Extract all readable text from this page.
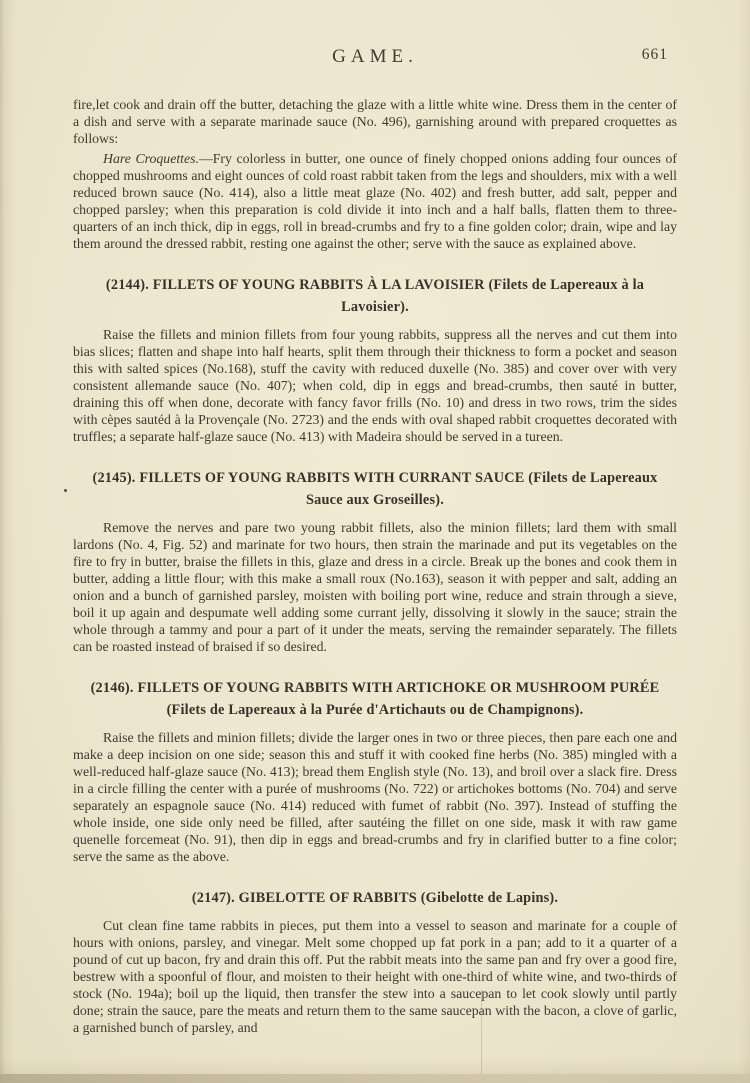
GAME.	661

fire,let cook and drain off the butter, detaching the glaze with a little white wine. Dress them in the center of a dish and serve with a separate marinade sauce (No. 496), garnishing around with prepared croquettes as follows:

Hare Croquettes.—Fry colorless in butter, one ounce of finely chopped onions adding four ounces of chopped mushrooms and eight ounces of cold roast rabbit taken from the legs and shoulders, mix with a well reduced brown sauce (No. 414), also a little meat glaze (No. 402) and fresh butter, add salt, pepper and chopped parsley; when this preparation is cold divide it into inch and a half balls, flatten them to three-quarters of an inch thick, dip in eggs, roll in bread-crumbs and fry to a fine golden color; drain, wipe and lay them around the dressed rabbit, resting one against the other; serve with the sauce as explained above.

(2144). FILLETS OF YOUNG RABBITS À LA LAVOISIER (Filets de Lapereaux à la Lavoisier).

Raise the fillets and minion fillets from four young rabbits, suppress all the nerves and cut them into bias slices; flatten and shape into half hearts, split them through their thickness to form a pocket and season this with salted spices (No.168), stuff the cavity with reduced duxelle (No. 385) and cover over with very consistent allemande sauce (No. 407); when cold, dip in eggs and bread-crumbs, then sauté in butter, draining this off when done, decorate with fancy favor frills (No. 10) and dress in two rows, trim the sides with cèpes sautéd à la Provençale (No. 2723) and the ends with oval shaped rabbit croquettes decorated with truffles; a separate half-glaze sauce (No. 413) with Madeira should be served in a tureen.

(2145). FILLETS OF YOUNG RABBITS WITH CURRANT SAUCE (Filets de Lapereaux Sauce aux Groseilles).

Remove the nerves and pare two young rabbit fillets, also the minion fillets; lard them with small lardons (No. 4, Fig. 52) and marinate for two hours, then strain the marinade and put its vegetables on the fire to fry in butter, braise the fillets in this, glaze and dress in a circle. Break up the bones and cook them in butter, adding a little flour; with this make a small roux (No.163), season it with pepper and salt, adding an onion and a bunch of garnished parsley, moisten with boiling port wine, reduce and strain through a sieve, boil it up again and despumate well adding some currant jelly, dissolving it slowly in the sauce; strain the whole through a tammy and pour a part of it under the meats, serving the remainder separately. The fillets can be roasted instead of braised if so desired.

(2146). FILLETS OF YOUNG RABBITS WITH ARTICHOKE OR MUSHROOM PURÉE (Filets de Lapereaux à la Purée d'Artichauts ou de Champignons).

Raise the fillets and minion fillets; divide the larger ones in two or three pieces, then pare each one and make a deep incision on one side; season this and stuff it with cooked fine herbs (No. 385) mingled with a well-reduced half-glaze sauce (No. 413); bread them English style (No. 13), and broil over a slack fire. Dress in a circle filling the center with a purée of mushrooms (No. 722) or artichokes bottoms (No. 704) and serve separately an espagnole sauce (No. 414) reduced with fumet of rabbit (No. 397). Instead of stuffing the whole inside, one side only need be filled, after sautéing the fillet on one side, mask it with raw game quenelle forcemeat (No. 91), then dip in eggs and bread-crumbs and fry in clarified butter to a fine color; serve the same as the above.

(2147). GIBELOTTE OF RABBITS (Gibelotte de Lapins).

Cut clean fine tame rabbits in pieces, put them into a vessel to season and marinate for a couple of hours with onions, parsley, and vinegar. Melt some chopped up fat pork in a pan; add to it a quarter of a pound of cut up bacon, fry and drain this off. Put the rabbit meats into the same pan and fry over a good fire, bestrew with a spoonful of flour, and moisten to their height with one-third of white wine, and two-thirds of stock (No. 194a); boil up the liquid, then transfer the stew into a saucepan to let cook slowly until partly done; strain the sauce, pare the meats and return them to the same saucepan with the bacon, a clove of garlic, a garnished bunch of parsley, and
